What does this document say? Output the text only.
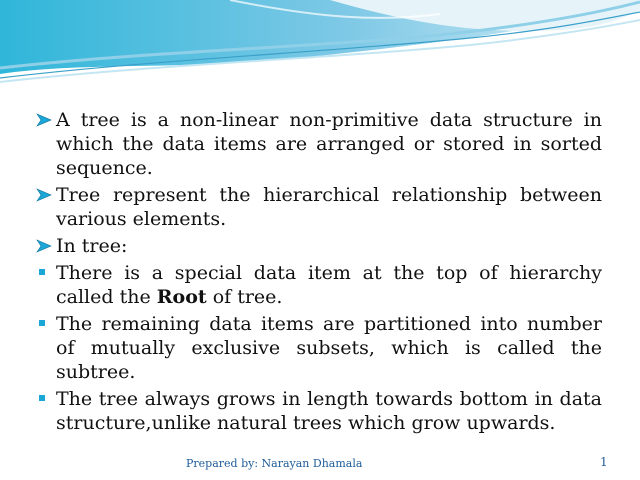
A tree is a non-linear non-primitive data structure in which the data items are arranged or stored in sorted sequence.
Tree represent the hierarchical relationship between various elements.
In tree:
There is a special data item at the top of hierarchy called the Root of tree.
The remaining data items are partitioned into number of mutually exclusive subsets, which is called the subtree.
The tree always grows in length towards bottom in data structure,unlike natural trees which grow upwards.
Prepared by: Narayan Dhamala	1
